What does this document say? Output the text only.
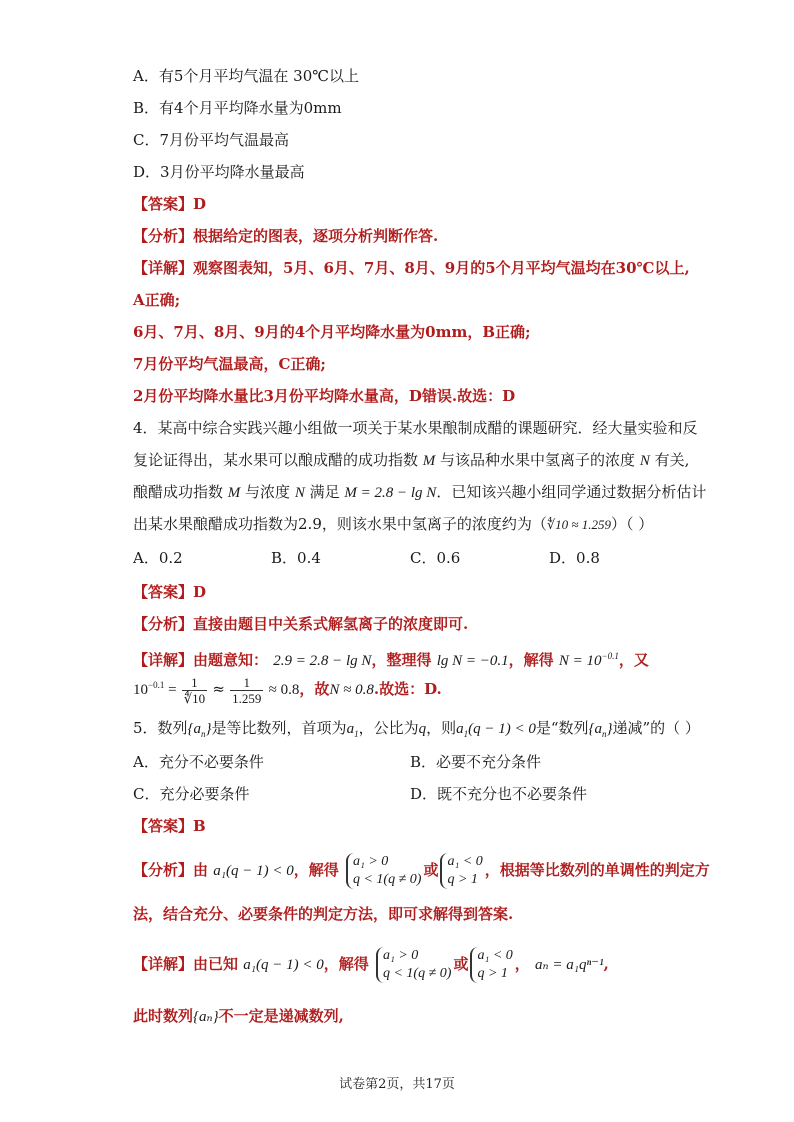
A．有5个月平均气温在 30℃以上
B．有4个月平均降水量为0mm
C．7月份平均气温最高
D．3月份平均降水量最高
【答案】D
【分析】根据给定的图表，逐项分析判断作答.
【详解】观察图表知，5月、6月、7月、8月、9月的5个月平均气温均在30℃以上,
A正确;
6月、7月、8月、9月的4个月平均降水量为0mm，B正确;
7月份平均气温最高，C正确;
2月份平均降水量比3月份平均降水量高，D错误.故选：D
4．某高中综合实践兴趣小组做一项关于某水果酿制成醋的课题研究．经大量实验和反
复论证得出，某水果可以酿成醋的成功指数 M 与该品种水果中氢离子的浓度 N 有关,
酿醋成功指数 M 与浓度 N 满足 M = 2.8 − lg N．已知该兴趣小组同学通过数据分析估计
出某水果酿醋成功指数为2.9，则该水果中氢离子的浓度约为（∜10 ≈ 1.259）（ ）
A．0.2	B．0.4	C．0.6	D．0.8
【答案】D
【分析】直接由题目中关系式解氢离子的浓度即可.
【详解】由题意知： 2.9 = 2.8 − lg N，整理得 lg N = −0.1，解得 $N = 10^{-0.1}$，又
$10^{-0.1} = \frac{1}{∜10} \approx \frac{1}{1.259} \approx 0.8$，故N ≈ 0.8.故选：D.
5．数列$\{a_n\}$是等比数列，首项为$a_1$，公比为q，则$a_1(q - 1) < 0$是“数列$\{a_n\}$递减”的（ ）
A．充分不必要条件	B．必要不充分条件
C．充分必要条件	D．既不充分也不必要条件
【答案】B
【分析】由 a₁(q − 1) < 0，解得 a₁ > 0
q < 1(q ≠ 0)
或 a₁ < 0
q > 1
，根据等比数列的单调性的判定方
法，结合充分、必要条件的判定方法，即可求解得到答案.
【详解】由已知 a₁(q − 1) < 0，解得 a₁ > 0
q < 1(q ≠ 0)
或 a₁ < 0
q > 1
， aₙ = a₁qⁿ⁻¹,
此时数列{aₙ}不一定是递减数列,
试卷第2页，共17页
